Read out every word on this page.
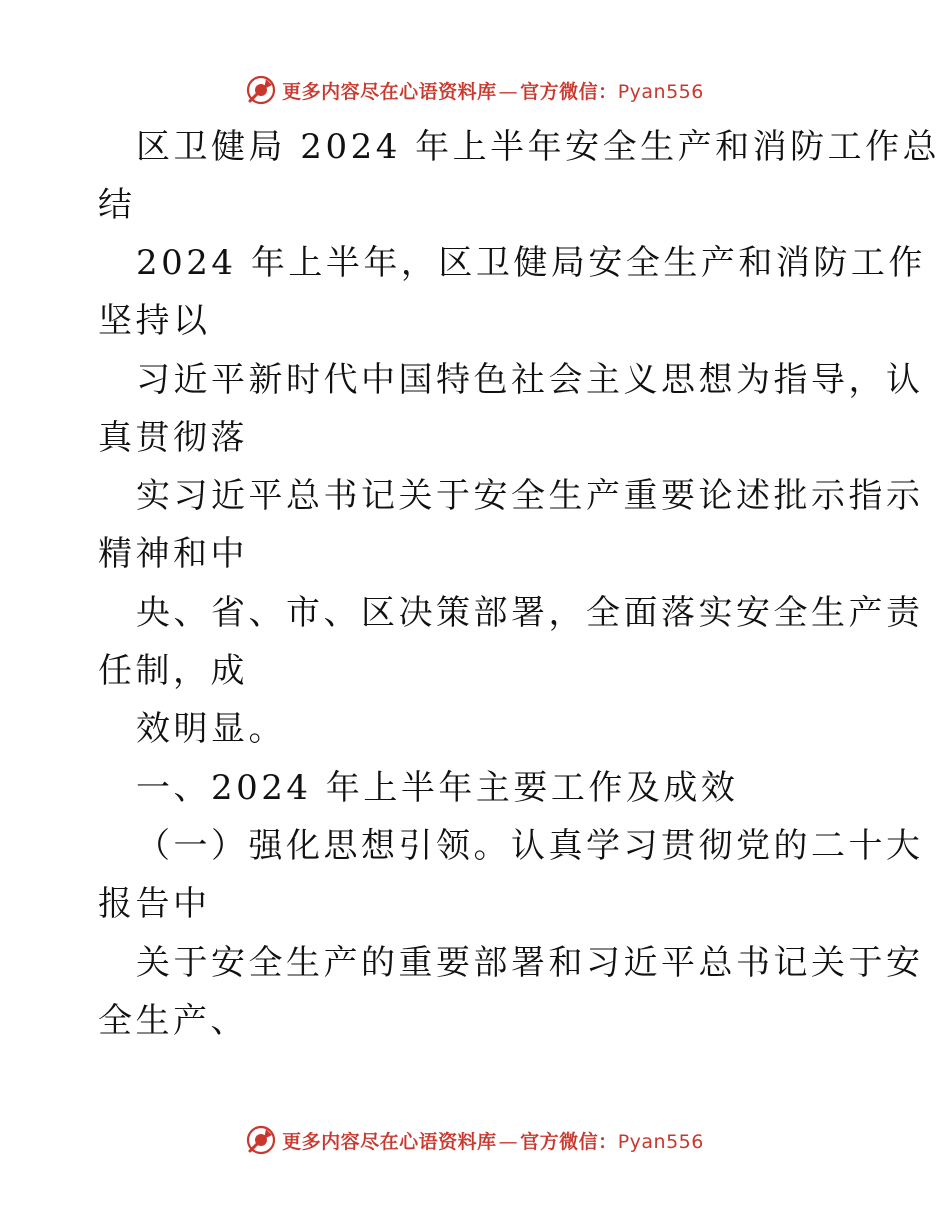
更多内容尽在心语资料库 — 官方微信：Pyan556
区卫健局 2024 年上半年安全生产和消防工作总
结
2024 年上半年，区卫健局安全生产和消防工作
坚持以
习近平新时代中国特色社会主义思想为指导，认
真贯彻落
实习近平总书记关于安全生产重要论述批示指示
精神和中
央、省、市、区决策部署，全面落实安全生产责
任制，成
效明显。
一、2024 年上半年主要工作及成效
（一）强化思想引领。认真学习贯彻党的二十大
报告中
关于安全生产的重要部署和习近平总书记关于安
全生产、
更多内容尽在心语资料库 — 官方微信：Pyan556
